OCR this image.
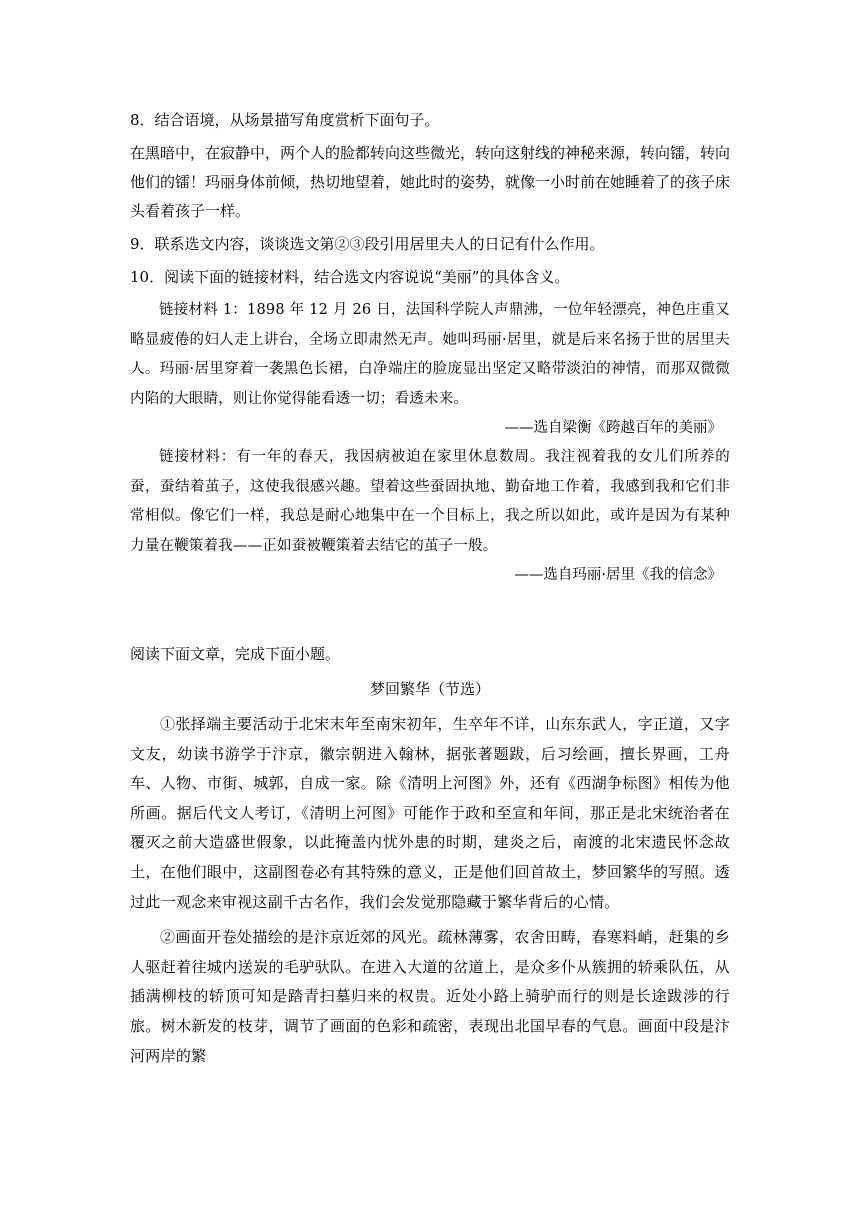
8．结合语境，从场景描写角度赏析下面句子。

在黑暗中，在寂静中，两个人的脸都转向这些微光，转向这射线的神秘来源，转向镭，转向他们的镭！玛丽身体前倾，热切地望着，她此时的姿势，就像一小时前在她睡着了的孩子床头看着孩子一样。

9．联系选文内容，谈谈选文第②③段引用居里夫人的日记有什么作用。

10．阅读下面的链接材料，结合选文内容说说“美丽”的具体含义。

链接材料 1：1898 年 12 月 26 日，法国科学院人声鼎沸，一位年轻漂亮，神色庄重又略显疲倦的妇人走上讲台，全场立即肃然无声。她叫玛丽·居里，就是后来名扬于世的居里夫人。玛丽·居里穿着一袭黑色长裙，白净端庄的脸庞显出坚定又略带淡泊的神情，而那双微微内陷的大眼睛，则让你觉得能看透一切；看透未来。

——选自梁衡《跨越百年的美丽》

链接材料：有一年的春天，我因病被迫在家里休息数周。我注视着我的女儿们所养的蚕，蚕结着茧子，这使我很感兴趣。望着这些蚕固执地、勤奋地工作着，我感到我和它们非常相似。像它们一样，我总是耐心地集中在一个目标上，我之所以如此，或许是因为有某种力量在鞭策着我——正如蚕被鞭策着去结它的茧子一般。

——选自玛丽·居里《我的信念》

阅读下面文章，完成下面小题。

梦回繁华（节选）

①张择端主要活动于北宋末年至南宋初年，生卒年不详，山东东武人，字正道，又字文友，幼读书游学于汴京，徽宗朝进入翰林，据张著题跋，后习绘画，擅长界画，工舟车、人物、市街、城郭，自成一家。除《清明上河图》外，还有《西湖争标图》相传为他所画。据后代文人考订，《清明上河图》可能作于政和至宣和年间，那正是北宋统治者在覆灭之前大造盛世假象，以此掩盖内忧外患的时期，建炎之后，南渡的北宋遗民怀念故土，在他们眼中，这副图卷必有其特殊的意义，正是他们回首故土，梦回繁华的写照。透过此一观念来审视这副千古名作，我们会发觉那隐藏于繁华背后的心情。

②画面开卷处描绘的是汴京近郊的风光。疏林薄雾，农舍田畴，春寒料峭，赶集的乡人驱赶着往城内送炭的毛驴驮队。在进入大道的岔道上，是众多仆从簇拥的轿乘队伍，从插满柳枝的轿顶可知是踏青扫墓归来的权贵。近处小路上骑驴而行的则是长途跋涉的行旅。树木新发的枝芽，调节了画面的色彩和疏密，表现出北国早春的气息。画面中段是汴河两岸的繁
